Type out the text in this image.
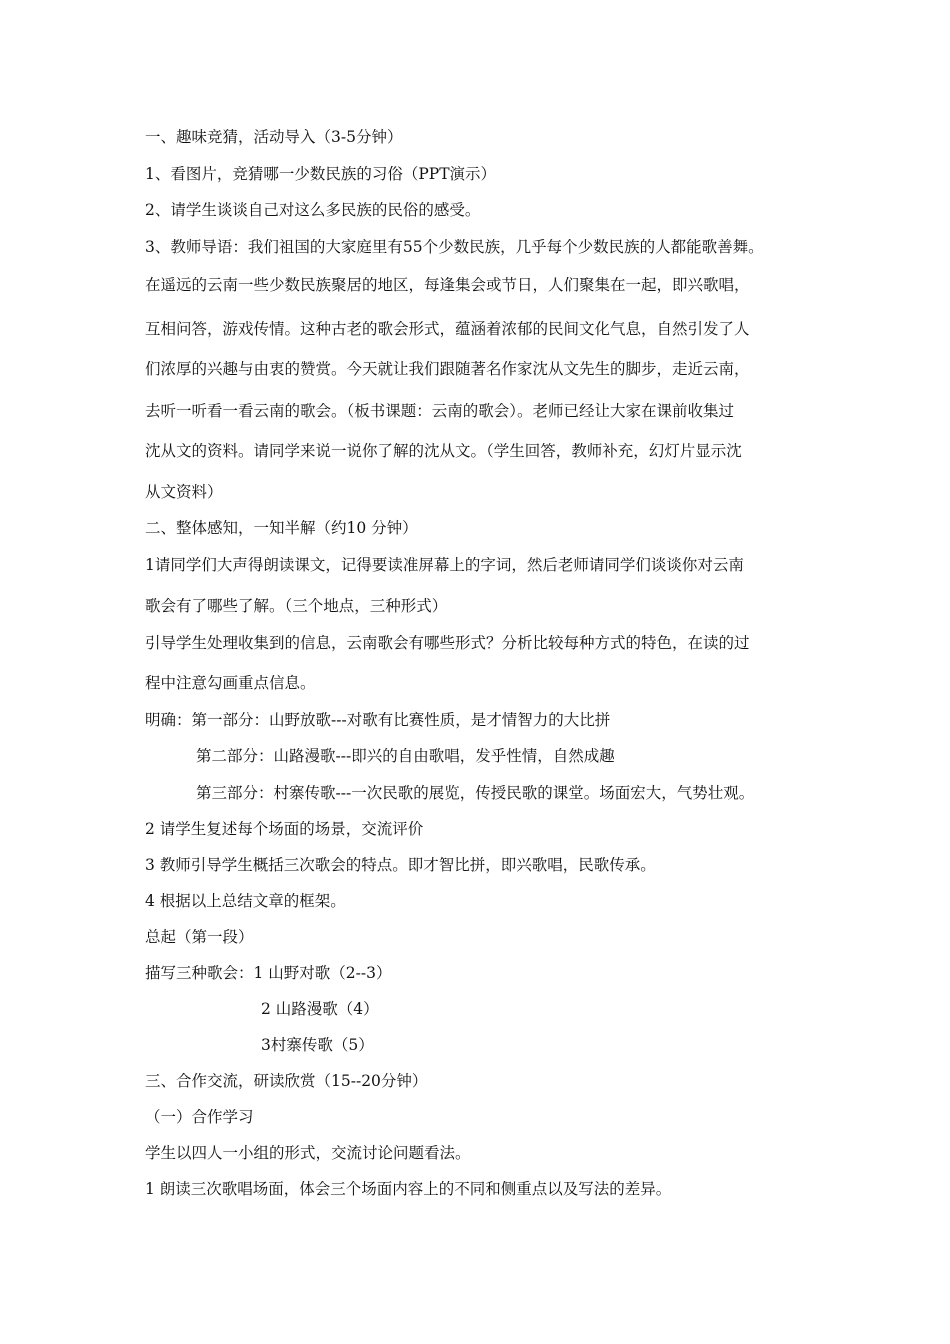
一、趣味竞猜，活动导入（3-5分钟）

1、看图片，竞猜哪一少数民族的习俗（PPT演示）

2、请学生谈谈自己对这么多民族的民俗的感受。

3、教师导语：我们祖国的大家庭里有55个少数民族，几乎每个少数民族的人都能歌善舞。

在遥远的云南一些少数民族聚居的地区，每逢集会或节日，人们聚集在一起，即兴歌唱，

互相问答，游戏传情。这种古老的歌会形式，蕴涵着浓郁的民间文化气息，自然引发了人

们浓厚的兴趣与由衷的赞赏。今天就让我们跟随著名作家沈从文先生的脚步，走近云南，

去听一听看一看云南的歌会。（板书课题：云南的歌会）。老师已经让大家在课前收集过

沈从文的资料。请同学来说一说你了解的沈从文。（学生回答，教师补充，幻灯片显示沈

从文资料）

二、整体感知，一知半解（约10 分钟）

1请同学们大声得朗读课文，记得要读准屏幕上的字词，然后老师请同学们谈谈你对云南

歌会有了哪些了解。（三个地点，三种形式）

引导学生处理收集到的信息，云南歌会有哪些形式？分析比较每种方式的特色，在读的过

程中注意勾画重点信息。

明确：第一部分：山野放歌---对歌有比赛性质，是才情智力的大比拼

第二部分：山路漫歌---即兴的自由歌唱，发乎性情，自然成趣

第三部分：村寨传歌---一次民歌的展览，传授民歌的课堂。场面宏大，气势壮观。

2 请学生复述每个场面的场景，交流评价

3 教师引导学生概括三次歌会的特点。即才智比拼，即兴歌唱，民歌传承。

4 根据以上总结文章的框架。

总起（第一段）

描写三种歌会：1 山野对歌（2--3）

2 山路漫歌（4）

3村寨传歌（5）

三、合作交流，研读欣赏（15--20分钟）

（一）合作学习

学生以四人一小组的形式，交流讨论问题看法。

1 朗读三次歌唱场面，体会三个场面内容上的不同和侧重点以及写法的差异。
